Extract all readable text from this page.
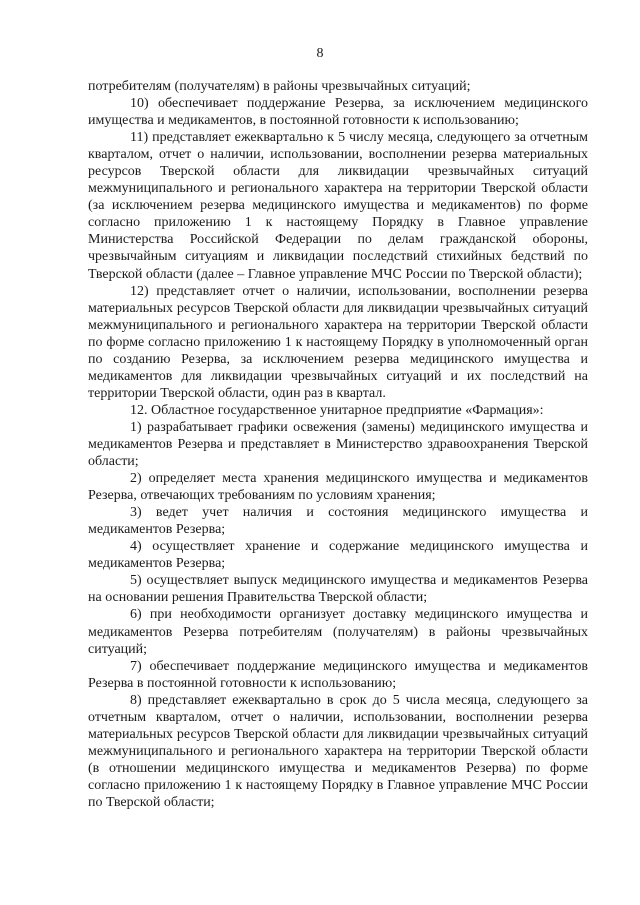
8

потребителям (получателям) в районы чрезвычайных ситуаций;

10) обеспечивает поддержание Резерва, за исключением медицинского имущества и медикаментов, в постоянной готовности к использованию;

11) представляет ежеквартально к 5 числу месяца, следующего за отчетным кварталом, отчет о наличии, использовании, восполнении резерва материальных ресурсов Тверской области для ликвидации чрезвычайных ситуаций межмуниципального и регионального характера на территории Тверской области (за исключением резерва медицинского имущества и медикаментов) по форме согласно приложению 1 к настоящему Порядку в Главное управление Министерства Российской Федерации по делам гражданской обороны, чрезвычайным ситуациям и ликвидации последствий стихийных бедствий по Тверской области (далее – Главное управление МЧС России по Тверской области);

12) представляет отчет о наличии, использовании, восполнении резерва материальных ресурсов Тверской области для ликвидации чрезвычайных ситуаций межмуниципального и регионального характера на территории Тверской области по форме согласно приложению 1 к настоящему Порядку в уполномоченный орган по созданию Резерва, за исключением резерва медицинского имущества и медикаментов для ликвидации чрезвычайных ситуаций и их последствий на территории Тверской области, один раз в квартал.

12. Областное государственное унитарное предприятие «Фармация»:

1) разрабатывает графики освежения (замены) медицинского имущества и медикаментов Резерва и представляет в Министерство здравоохранения Тверской области;

2) определяет места хранения медицинского имущества и медикаментов Резерва, отвечающих требованиям по условиям хранения;

3) ведет учет наличия и состояния медицинского имущества и медикаментов Резерва;

4) осуществляет хранение и содержание медицинского имущества и медикаментов Резерва;

5) осуществляет выпуск медицинского имущества и медикаментов Резерва на основании решения Правительства Тверской области;

6) при необходимости организует доставку медицинского имущества и медикаментов Резерва потребителям (получателям) в районы чрезвычайных ситуаций;

7) обеспечивает поддержание медицинского имущества и медикаментов Резерва в постоянной готовности к использованию;

8) представляет ежеквартально в срок до 5 числа месяца, следующего за отчетным кварталом, отчет о наличии, использовании, восполнении резерва материальных ресурсов Тверской области для ликвидации чрезвычайных ситуаций межмуниципального и регионального характера на территории Тверской области (в отношении медицинского имущества и медикаментов Резерва) по форме согласно приложению 1 к настоящему Порядку в Главное управление МЧС России по Тверской области;
